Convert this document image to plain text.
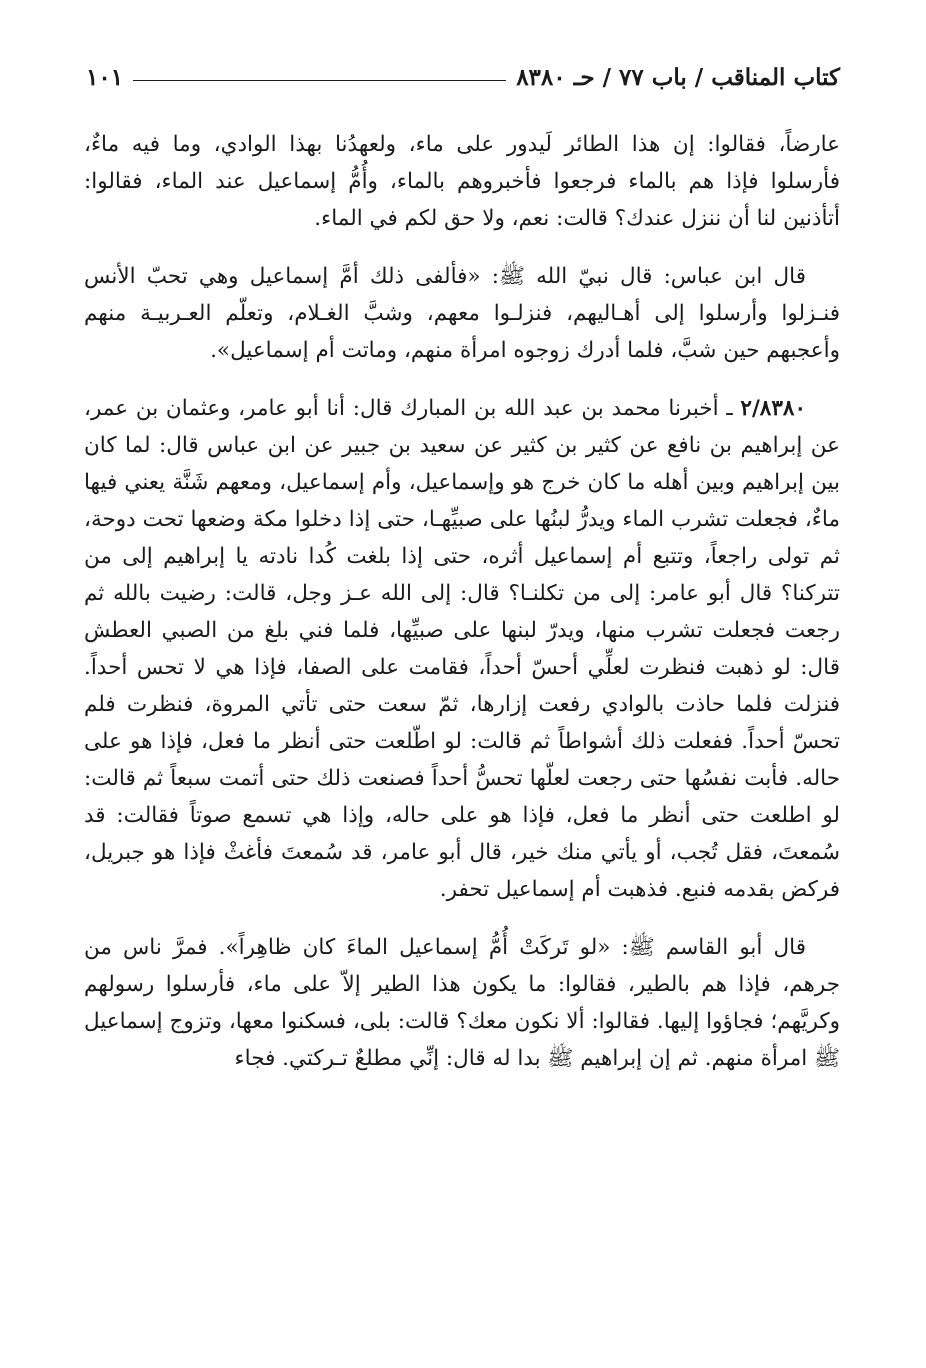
كتاب المناقب / باب ٧٧ / حـ ٨٣٨٠
١٠١

عارضاً، فقالوا: إن هذا الطائر لَيدور على ماء، ولعهدُنا بهذا الوادي، وما فيه ماءٌ، فأرسلوا فإذا هم بالماء فرجعوا فأخبروهم بالماء، وأُمُّ إسماعيل عند الماء، فقالوا: أتأذنين لنا أن ننزل عندك؟ قالت: نعم، ولا حق لكم في الماء.

قال ابن عباس: قال نبيّ الله ﷺ: «فألفى ذلك أمَّ إسماعيل وهي تحبّ الأنس فنـزلوا وأرسلوا إلى أهـاليهم، فنزلـوا معهم، وشبَّ الغـلام، وتعلّم العـربيـة منهم وأعجبهم حين شبَّ، فلما أدرك زوجوه امرأة منهم، وماتت أم إسماعيل».

٢/٨٣٨٠ ـ أخبرنا محمد بن عبد الله بن المبارك قال: أنا أبو عامر، وعثمان بن عمر، عن إبراهيم بن نافع عن كثير بن كثير عن سعيد بن جبير عن ابن عباس قال: لما كان بين إبراهيم وبين أهله ما كان خرج هو وإسماعيل، وأم إسماعيل، ومعهم شَنَّة يعني فيها ماءٌ، فجعلت تشرب الماء ويدرُّ لبنُها على صبيِّهـا، حتى إذا دخلوا مكة وضعها تحت دوحة، ثم تولى راجعاً، وتتبع أم إسماعيل أثره، حتى إذا بلغت كُدا نادته يا إبراهيم إلى من تتركنا؟ قال أبو عامر: إلى من تكلنـا؟ قال: إلى الله عـز وجل، قالت: رضيت بالله ثم رجعت فجعلت تشرب منها، ويدرّ لبنها على صبيِّها، فلما فني بلغ من الصبي العطش قال: لو ذهبت فنظرت لعلِّي أحسّ أحداً، فقامت على الصفا، فإذا هي لا تحس أحداً. فنزلت فلما حاذت بالوادي رفعت إزارها، ثمّ سعت حتى تأتي المروة، فنظرت فلم تحسّ أحداً. ففعلت ذلك أشواطاً ثم قالت: لو اطّلعت حتى أنظر ما فعل، فإذا هو على حاله. فأبت نفسُها حتى رجعت لعلّها تحسُّ أحداً فصنعت ذلك حتى أتمت سبعاً ثم قالت: لو اطلعت حتى أنظر ما فعل، فإذا هو على حاله، وإذا هي تسمع صوتاً فقالت: قد سُمعتَ، فقل تُجب، أو يأتي منك خير، قال أبو عامر، قد سُمعتَ فأغثْ فإذا هو جبريل، فركض بقدمه فنبع. فذهبت أم إسماعيل تحفر.

قال أبو القاسم ﷺ: «لو تَركَتْ أُمُّ إسماعيل الماءَ كان ظاهِراً». فمرَّ ناس من جرهم، فإذا هم بالطير، فقالوا: ما يكون هذا الطير إلاّ على ماء، فأرسلوا رسولهم وكريَّهم؛ فجاؤوا إليها. فقالوا: ألا نكون معك؟ قالت: بلى، فسكنوا معها، وتزوج إسماعيل ﷺ امرأة منهم. ثم إن إبراهيم ﷺ بدا له قال: إنِّي مطلعٌ تـركتي. فجاء
